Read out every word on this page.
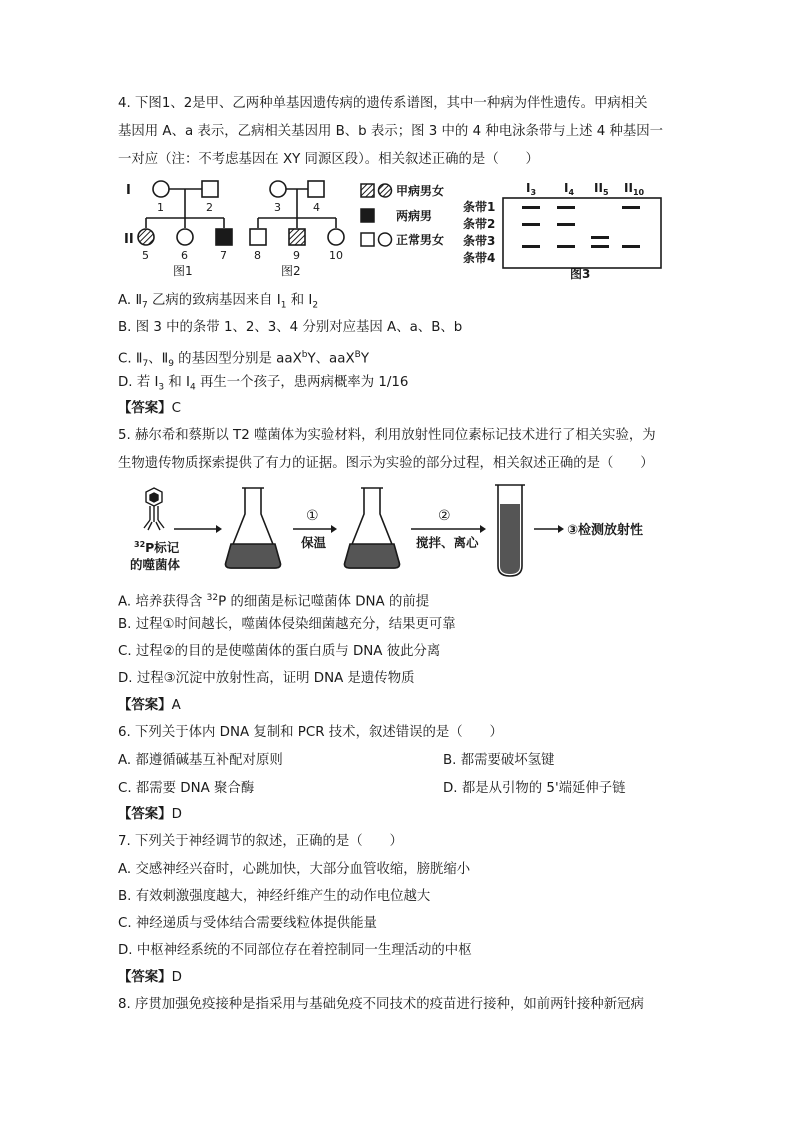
4. 下图1、2是甲、乙两种单基因遗传病的遗传系谱图，其中一种病为伴性遗传。甲病相关
基因用 A、a 表示，乙病相关基因用 B、b 表示；图 3 中的 4 种电泳条带与上述 4 种基因一
一对应（注：不考虑基因在 XY 同源区段）。相关叙述正确的是（　　）
I
II
1	2
5	6	7
图1
3	4
8	9	10
图2
甲病男女
两病男
正常男女
$I_3$ $I_4$ $II_5$ $II_{10}$
条带1
条带2
条带3
条带4
图3
A. $Ⅱ_7$ 乙病的致病基因来自 $I_1$ 和 $I_2$
B. 图 3 中的条带 1、2、3、4 分别对应基因 A、a、B、b
C. $Ⅱ_7$、$Ⅱ_9$ 的基因型分别是 aaX$^b$Y、aaX$^B$Y
D. 若 $I_3$ 和 $I_4$ 再生一个孩子，患两病概率为 1/16
【答案】C
5. 赫尔希和蔡斯以 T2 噬菌体为实验材料，利用放射性同位素标记技术进行了相关实验，为
生物遗传物质探索提供了有力的证据。图示为实验的部分过程，相关叙述正确的是（　　）
$^{32}$P标记
的噬菌体
①
保温
②
搅拌、离心
③检测放射性
A. 培养获得含 $^{32}$P 的细菌是标记噬菌体 DNA 的前提
B. 过程①时间越长，噬菌体侵染细菌越充分，结果更可靠
C. 过程②的目的是使噬菌体的蛋白质与 DNA 彼此分离
D. 过程③沉淀中放射性高，证明 DNA 是遗传物质
【答案】A
6. 下列关于体内 DNA 复制和 PCR 技术，叙述错误的是（　　）
A. 都遵循碱基互补配对原则	B. 都需要破坏氢键
C. 都需要 DNA 聚合酶	D. 都是从引物的 5'端延伸子链
【答案】D
7. 下列关于神经调节的叙述，正确的是（　　）
A. 交感神经兴奋时，心跳加快，大部分血管收缩，膀胱缩小
B. 有效刺激强度越大，神经纤维产生的动作电位越大
C. 神经递质与受体结合需要线粒体提供能量
D. 中枢神经系统的不同部位存在着控制同一生理活动的中枢
【答案】D
8. 序贯加强免疫接种是指采用与基础免疫不同技术的疫苗进行接种，如前两针接种新冠病
